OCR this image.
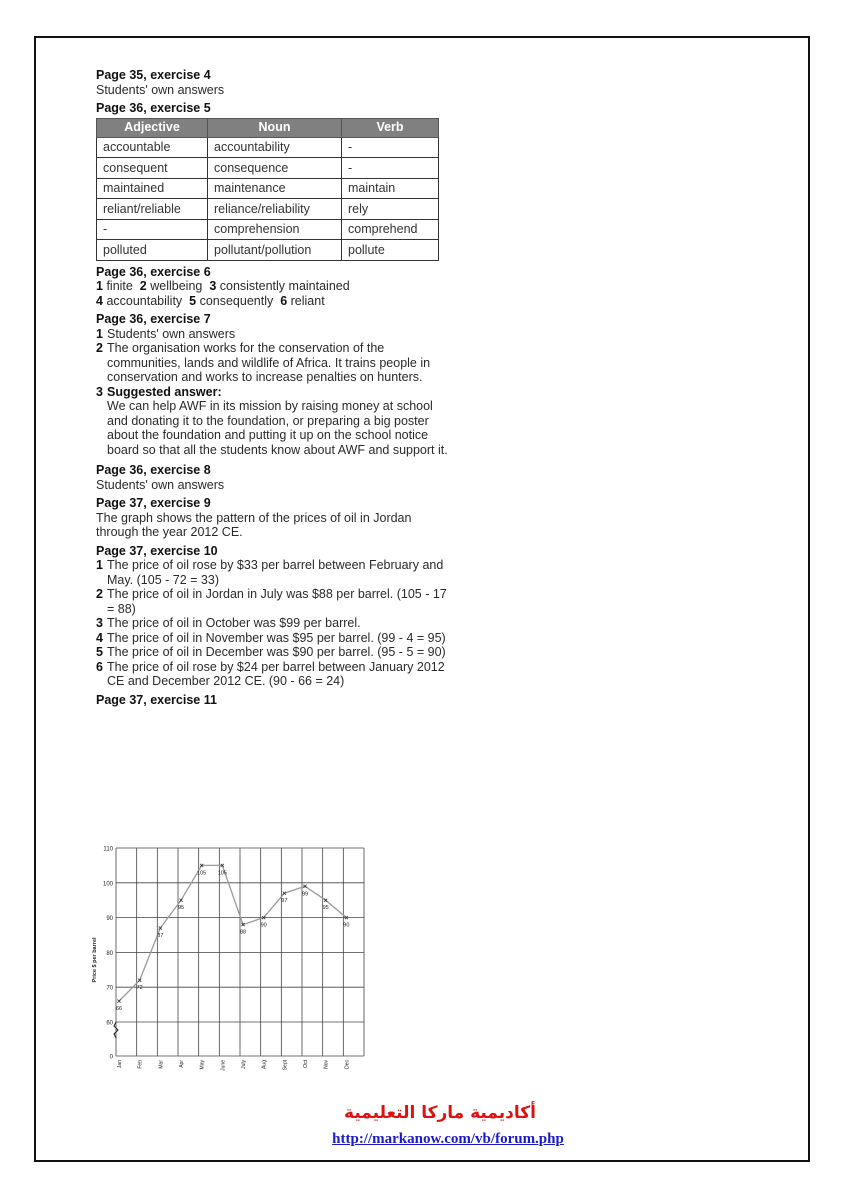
Page 35, exercise 4
Students' own answers
Page 36, exercise 5
Adjective	Noun	Verb
accountable	accountability	-
consequent	consequence	-
maintained	maintenance	maintain
reliant/reliable	reliance/reliability	rely
-	comprehension	comprehend
polluted	pollutant/pollution	pollute
Page 36, exercise 6
1 finite 2 wellbeing 3 consistently maintained
4 accountability 5 consequently 6 reliant
Page 36, exercise 7
1 Students' own answers
2 The organisation works for the conservation of the communities, lands and wildlife of Africa. It trains people in conservation and works to increase penalties on hunters.
3 Suggested answer:
We can help AWF in its mission by raising money at school and donating it to the foundation, or preparing a big poster about the foundation and putting it up on the school notice board so that all the students know about AWF and support it.
Page 36, exercise 8
Students' own answers
Page 37, exercise 9
The graph shows the pattern of the prices of oil in Jordan through the year 2012 CE.
Page 37, exercise 10
1 The price of oil rose by $33 per barrel between February and May. (105 - 72 = 33)
2 The price of oil in Jordan in July was $88 per barrel. (105 - 17 = 88)
3 The price of oil in October was $99 per barrel.
4 The price of oil in November was $95 per barrel. (99 - 4 = 95)
5 The price of oil in December was $90 per barrel. (95 - 5 = 90)
6 The price of oil rose by $24 per barrel between January 2012 CE and December 2012 CE. (90 - 66 = 24)
Page 37, exercise 11
0
60
70
80
90
100
110
Price $ per barrel
Jan	Feb	Mar	Apr	May	June	July	Aug	Sept	Oct	Nov	Dec
66
72
87
95
105 105
88
90
97
99
95
90
أكاديمية ماركا التعليمية
http://markanow.com/vb/forum.php
